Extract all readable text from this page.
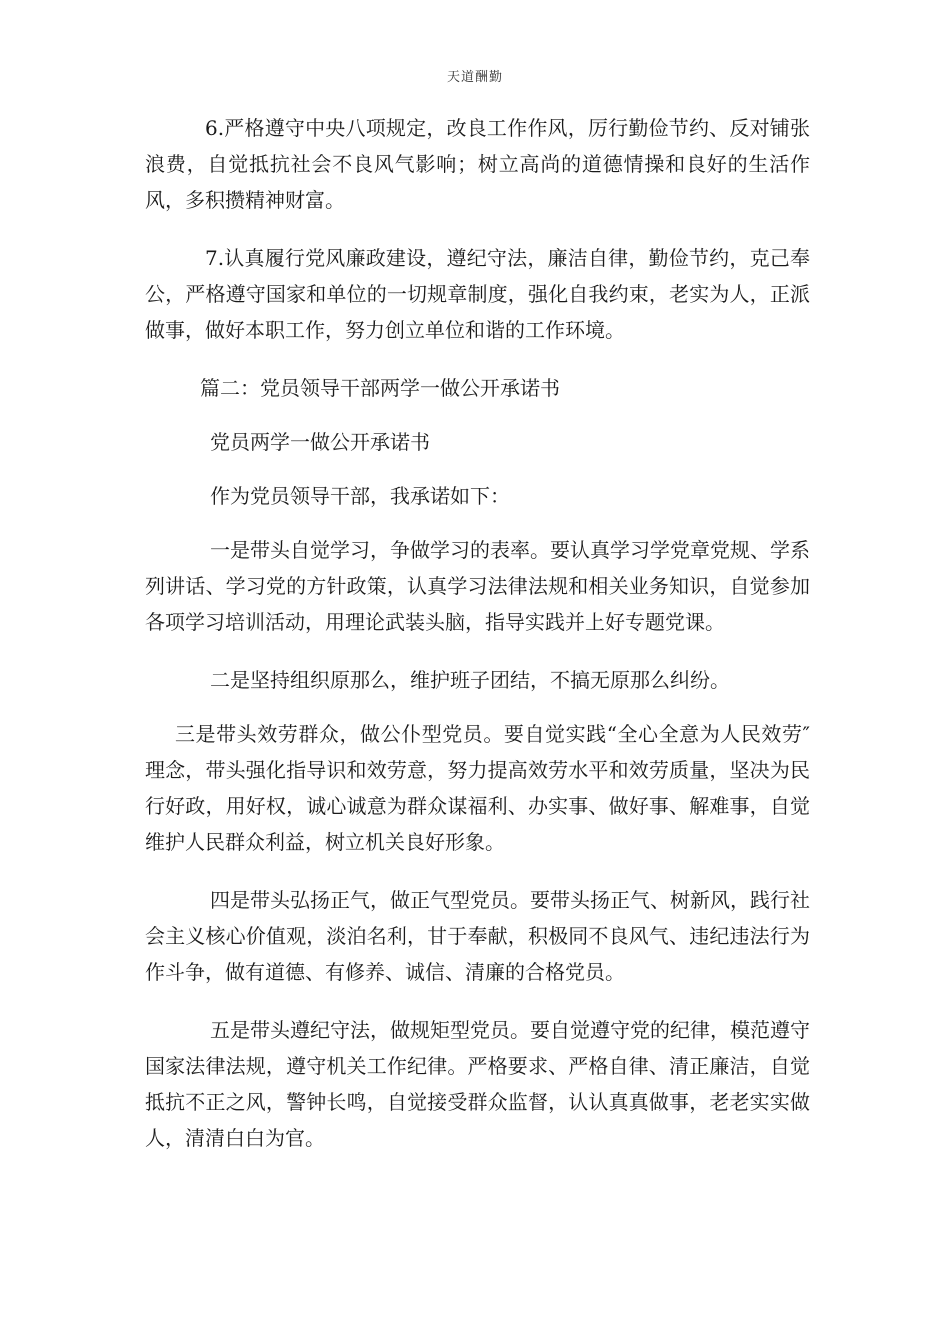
天道酬勤

6.严格遵守中央八项规定，改良工作作风，厉行勤俭节约、反对铺张浪费，自觉抵抗社会不良风气影响；树立高尚的道德情操和良好的生活作风，多积攒精神财富。

7.认真履行党风廉政建设，遵纪守法，廉洁自律，勤俭节约，克己奉公，严格遵守国家和单位的一切规章制度，强化自我约束，老实为人，正派做事，做好本职工作，努力创立单位和谐的工作环境。

篇二：党员领导干部两学一做公开承诺书

党员两学一做公开承诺书

作为党员领导干部，我承诺如下：

一是带头自觉学习，争做学习的表率。要认真学习学党章党规、学系列讲话、学习党的方针政策，认真学习法律法规和相关业务知识，自觉参加各项学习培训活动，用理论武装头脑，指导实践并上好专题党课。

二是坚持组织原那么，维护班子团结，不搞无原那么纠纷。

三是带头效劳群众，做公仆型党员。要自觉实践“全心全意为人民效劳″理念，带头强化指导识和效劳意，努力提高效劳水平和效劳质量，坚决为民行好政，用好权，诚心诚意为群众谋福利、办实事、做好事、解难事，自觉维护人民群众利益，树立机关良好形象。

四是带头弘扬正气，做正气型党员。要带头扬正气、树新风，践行社会主义核心价值观，淡泊名利，甘于奉献，积极同不良风气、违纪违法行为作斗争，做有道德、有修养、诚信、清廉的合格党员。

五是带头遵纪守法，做规矩型党员。要自觉遵守党的纪律，模范遵守国家法律法规，遵守机关工作纪律。严格要求、严格自律、清正廉洁，自觉抵抗不正之风，警钟长鸣，自觉接受群众监督，认认真真做事，老老实实做人，清清白白为官。
